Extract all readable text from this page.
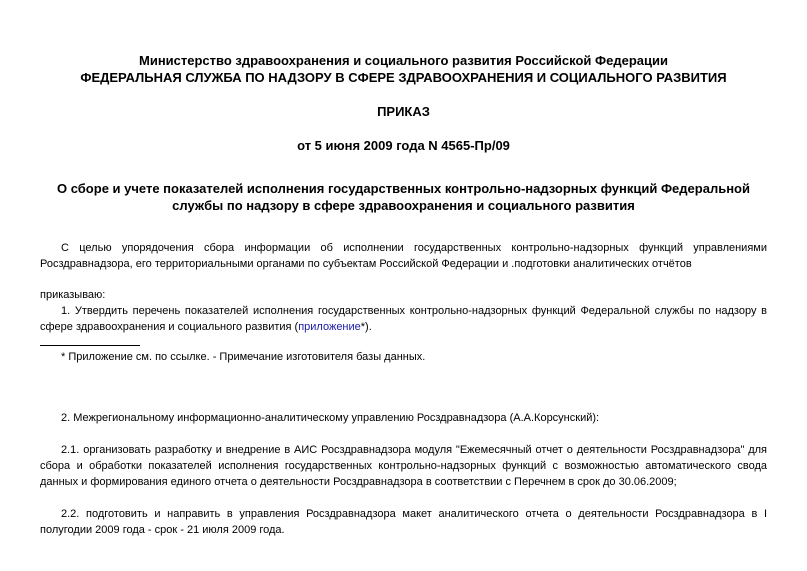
Министерство здравоохранения и социального развития Российской Федерации
ФЕДЕРАЛЬНАЯ СЛУЖБА ПО НАДЗОРУ В СФЕРЕ ЗДРАВООХРАНЕНИЯ И СОЦИАЛЬНОГО РАЗВИТИЯ
ПРИКАЗ
от 5 июня 2009 года N 4565-Пр/09
О сборе и учете показателей исполнения государственных контрольно-надзорных функций Федеральной службы по надзору в сфере здравоохранения и социального развития
С целью упорядочения сбора информации об исполнении государственных контрольно-надзорных функций управлениями Росздравнадзора, его территориальными органами по субъектам Российской Федерации и .подготовки аналитических отчётов
приказываю:
1. Утвердить перечень показателей исполнения государственных контрольно-надзорных функций Федеральной службы по надзору в сфере здравоохранения и социального развития (приложение*).
* Приложение см. по ссылке. - Примечание изготовителя базы данных.
2. Межрегиональному информационно-аналитическому управлению Росздравнадзора (А.А.Корсунский):
2.1. организовать разработку и внедрение в АИС Росздравнадзора модуля "Ежемесячный отчет о деятельности Росздравнадзора" для сбора и обработки показателей исполнения государственных контрольно-надзорных функций с возможностью автоматического свода данных и формирования единого отчета о деятельности Росздравнадзора в соответствии с Перечнем в срок до 30.06.2009;
2.2. подготовить и направить в управления Росздравнадзора макет аналитического отчета о деятельности Росздравнадзора в I полугодии 2009 года - срок - 21 июля 2009 года.
